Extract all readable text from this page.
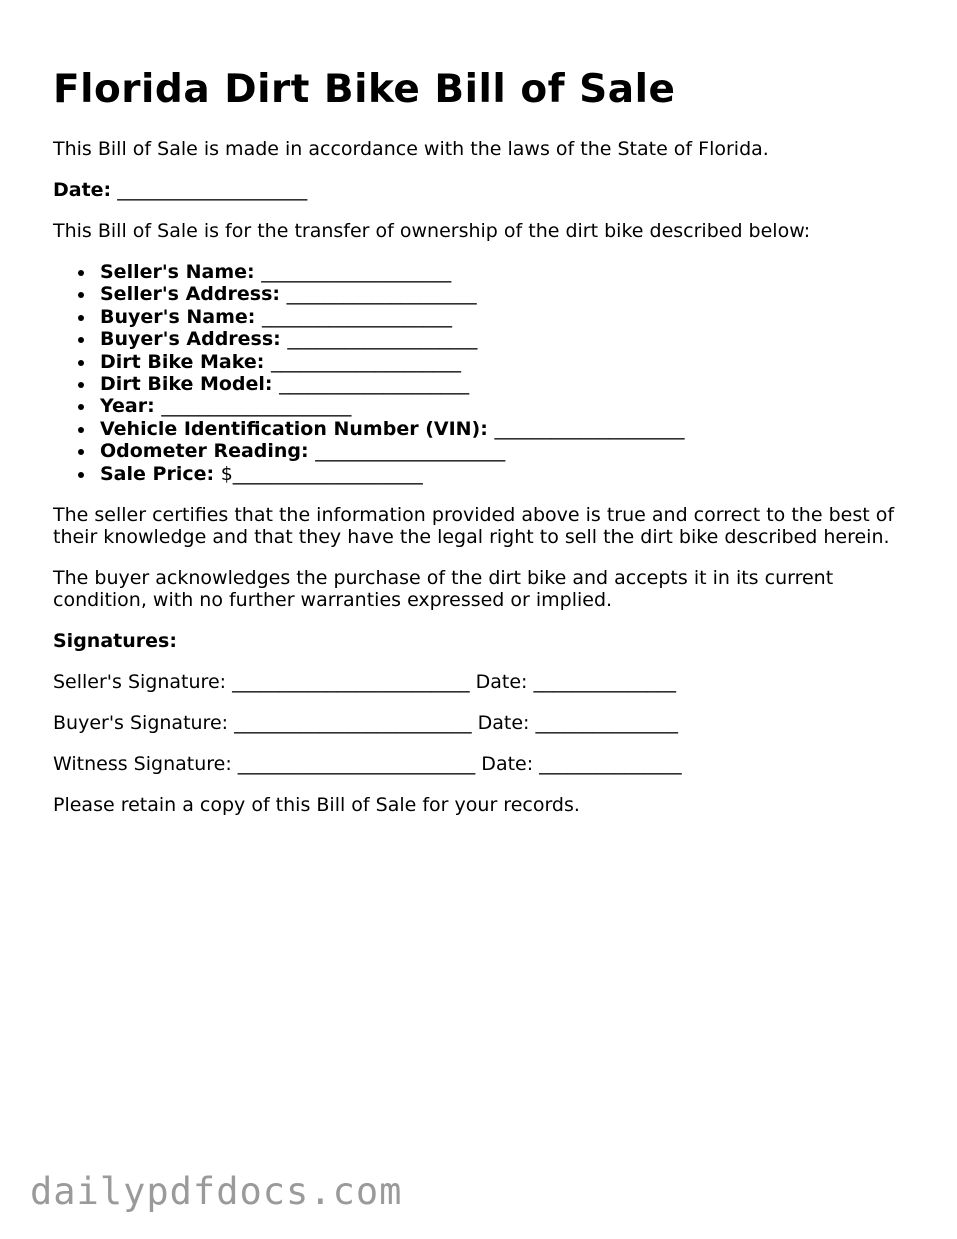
Florida Dirt Bike Bill of Sale

This Bill of Sale is made in accordance with the laws of the State of Florida.

Date: ____________________

This Bill of Sale is for the transfer of ownership of the dirt bike described below:

Seller's Name: ____________________
Seller's Address: ____________________
Buyer's Name: ____________________
Buyer's Address: ____________________
Dirt Bike Make: ____________________
Dirt Bike Model: ____________________
Year: ____________________
Vehicle Identification Number (VIN): ____________________
Odometer Reading: ____________________
Sale Price: $____________________

The seller certifies that the information provided above is true and correct to the best of their knowledge and that they have the legal right to sell the dirt bike described herein.

The buyer acknowledges the purchase of the dirt bike and accepts it in its current condition, with no further warranties expressed or implied.

Signatures:

Seller's Signature: _________________________ Date: _______________

Buyer's Signature: _________________________ Date: _______________

Witness Signature: _________________________ Date: _______________

Please retain a copy of this Bill of Sale for your records.

dailypdfdocs.com
